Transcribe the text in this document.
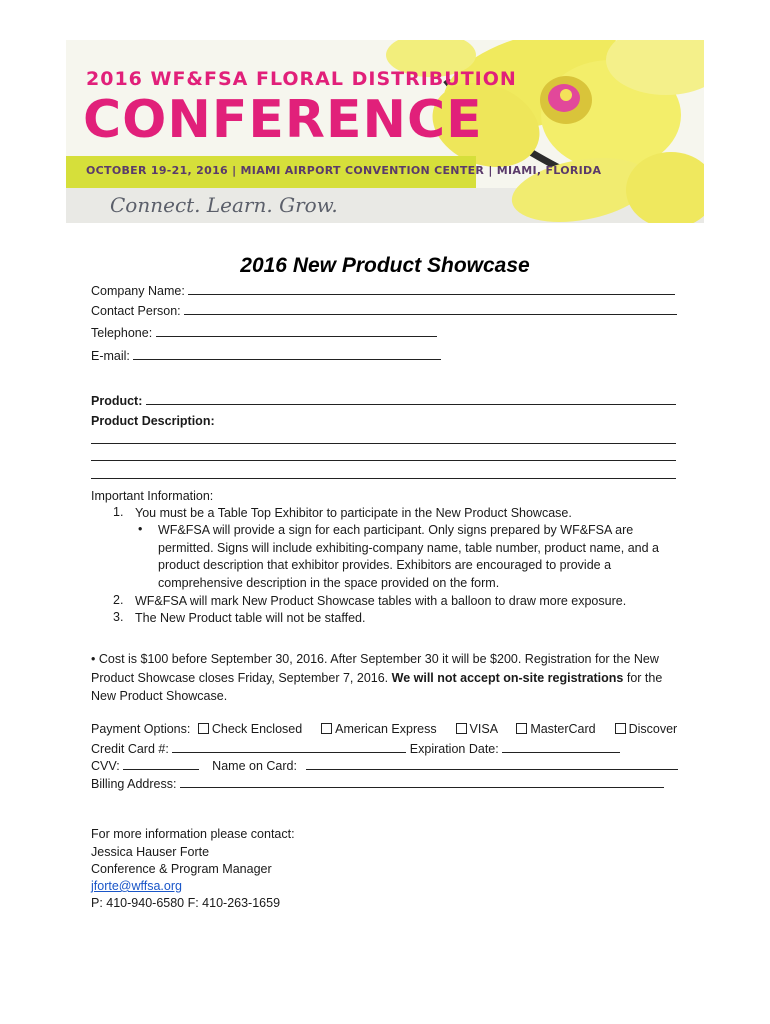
2016 WF&FSA FLORAL DISTRIBUTION
CONFERENCE
OCTOBER 19-21, 2016 | MIAMI AIRPORT CONVENTION CENTER | MIAMI, FLORIDA
Connect. Learn. Grow.
2016 New Product Showcase
Company Name:
Contact Person:
Telephone:
E-mail:
Product:
Product Description:
Important Information:
1. You must be a Table Top Exhibitor to participate in the New Product Showcase.
• WF&FSA will provide a sign for each participant. Only signs prepared by WF&FSA are permitted. Signs will include exhibiting-company name, table number, product name, and a product description that exhibitor provides. Exhibitors are encouraged to provide a comprehensive description in the space provided on the form.
2. WF&FSA will mark New Product Showcase tables with a balloon to draw more exposure.
3. The New Product table will not be staffed.
• Cost is $100 before September 30, 2016. After September 30 it will be $200. Registration for the New Product Showcase closes Friday, September 7, 2016. We will not accept on-site registrations for the New Product Showcase.
Payment Options: Check Enclosed	American Express	VISA	MasterCard	Discover
Credit Card #:	Expiration Date:
CVV:	Name on Card:
Billing Address:
For more information please contact:
Jessica Hauser Forte
Conference & Program Manager
jforte@wffsa.org
P: 410-940-6580 F: 410-263-1659
